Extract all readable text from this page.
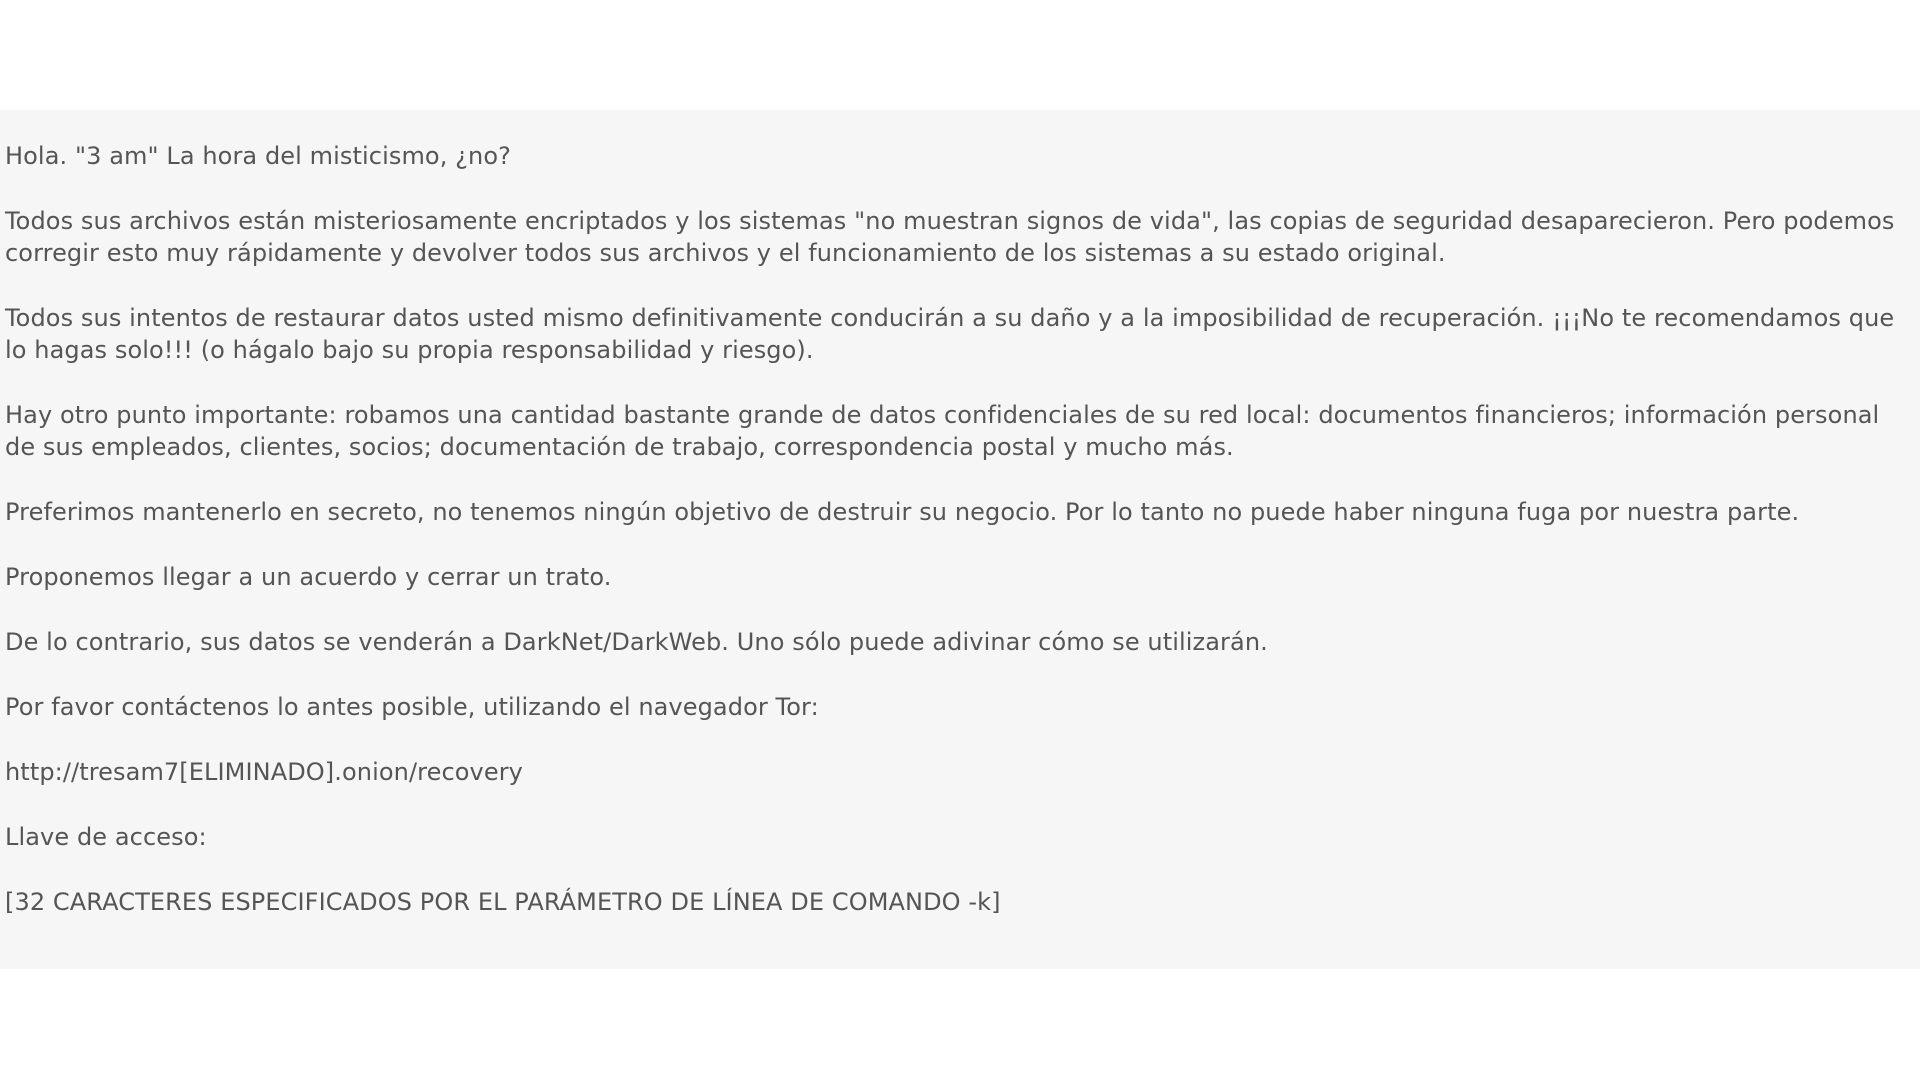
Hola. "3 am" La hora del misticismo, ¿no?

Todos sus archivos están misteriosamente encriptados y los sistemas "no muestran signos de vida", las copias de seguridad desaparecieron. Pero podemos corregir esto muy rápidamente y devolver todos sus archivos y el funcionamiento de los sistemas a su estado original.

Todos sus intentos de restaurar datos usted mismo definitivamente conducirán a su daño y a la imposibilidad de recuperación. ¡¡¡No te recomendamos que lo hagas solo!!! (o hágalo bajo su propia responsabilidad y riesgo).

Hay otro punto importante: robamos una cantidad bastante grande de datos confidenciales de su red local: documentos financieros; información personal de sus empleados, clientes, socios; documentación de trabajo, correspondencia postal y mucho más.

Preferimos mantenerlo en secreto, no tenemos ningún objetivo de destruir su negocio. Por lo tanto no puede haber ninguna fuga por nuestra parte.

Proponemos llegar a un acuerdo y cerrar un trato.

De lo contrario, sus datos se venderán a DarkNet/DarkWeb. Uno sólo puede adivinar cómo se utilizarán.

Por favor contáctenos lo antes posible, utilizando el navegador Tor:

http://tresam7[ELIMINADO].onion/recovery

Llave de acceso:

[32 CARACTERES ESPECIFICADOS POR EL PARÁMETRO DE LÍNEA DE COMANDO -k]
